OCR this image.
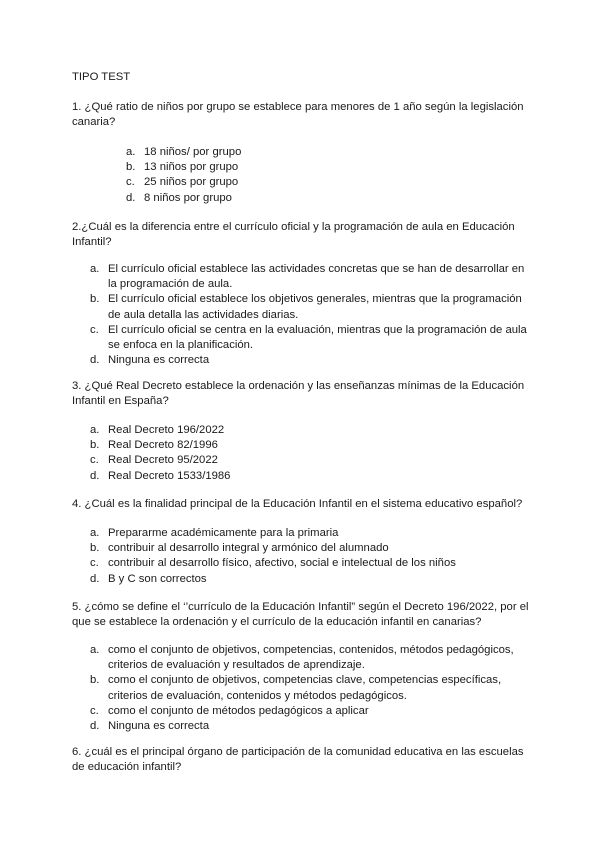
TIPO TEST
1. ¿Qué ratio de niños por grupo se establece para menores de 1 año según la legislación canaria?
a. 18 niños/ por grupo
b. 13 niños por grupo
c. 25 niños por grupo
d. 8 niños por grupo
2.¿Cuál es la diferencia entre el currículo oficial y la programación de aula en Educación Infantil?
a. El currículo oficial establece las actividades concretas que se han de desarrollar en la programación de aula.
b. El currículo oficial establece los objetivos generales, mientras que la programación de aula detalla las actividades diarias.
c. El currículo oficial se centra en la evaluación, mientras que la programación de aula se enfoca en la planificación.
d. Ninguna es correcta
3. ¿Qué Real Decreto establece la ordenación y las enseñanzas mínimas de la Educación Infantil en España?
a. Real Decreto 196/2022
b. Real Decreto 82/1996
c. Real Decreto 95/2022
d. Real Decreto 1533/1986
4. ¿Cuál es la finalidad principal de la Educación Infantil en el sistema educativo español?
a. Prepararme académicamente para la primaria
b. contribuir al desarrollo integral y armónico del alumnado
c. contribuir al desarrollo físico, afectivo, social e intelectual de los niños
d. B y C son correctos
5. ¿cómo se define el ‘’currículo de la Educación Infantil” según el Decreto 196/2022, por el que se establece la ordenación y el currículo de la educación infantil en canarias?
a. como el conjunto de objetivos, competencias, contenidos, métodos pedagógicos, criterios de evaluación y resultados de aprendizaje.
b. como el conjunto de objetivos, competencias clave, competencias específicas, criterios de evaluación, contenidos y métodos pedagógicos.
c. como el conjunto de métodos pedagógicos a aplicar
d. Ninguna es correcta
6. ¿cuál es el principal órgano de participación de la comunidad educativa en las escuelas de educación infantil?
